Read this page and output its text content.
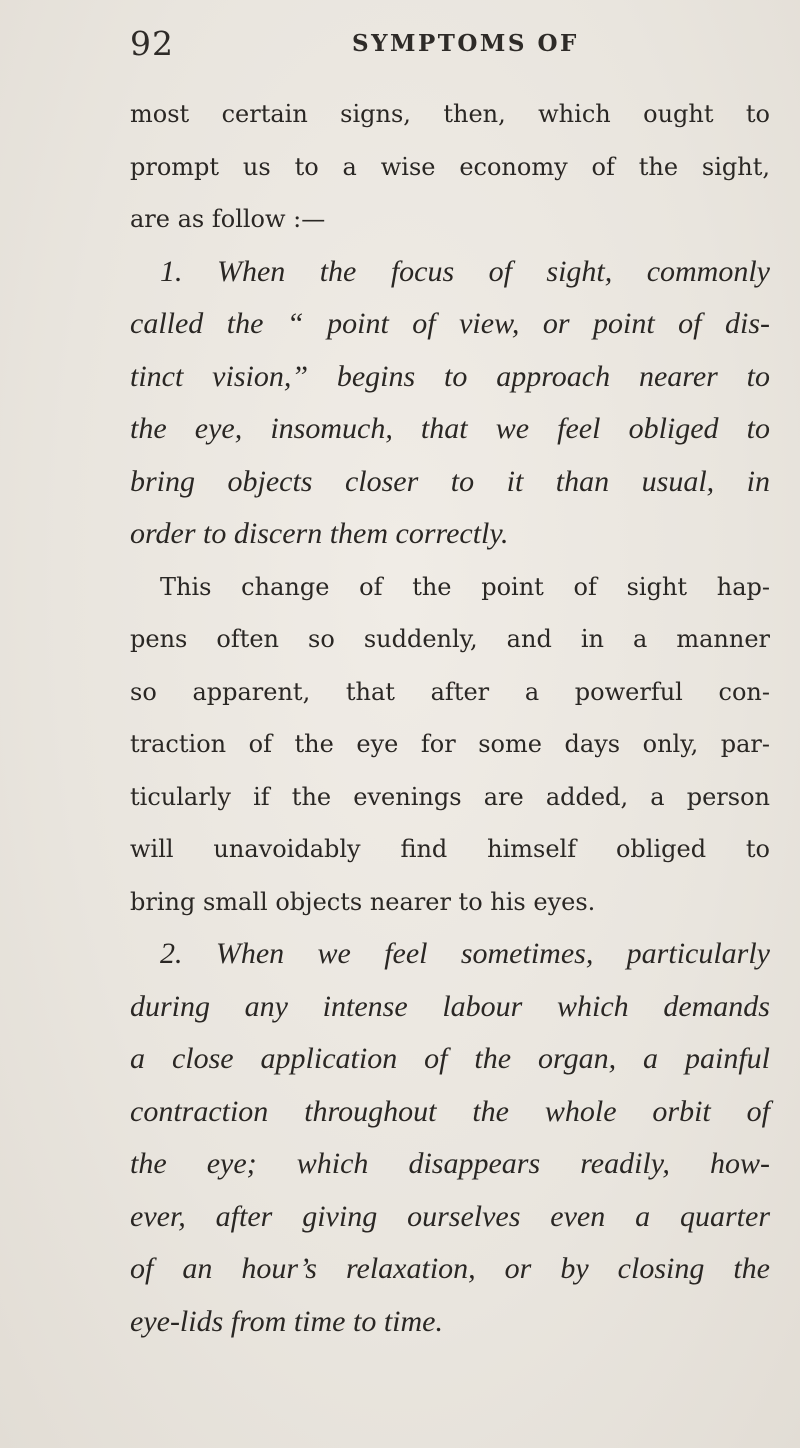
92	SYMPTOMS OF
most certain signs, then, which ought to
prompt us to a wise economy of the sight,
are as follow :—
1. When the focus of sight, commonly
called the “ point of view, or point of dis-
tinct vision,” begins to approach nearer to
the eye, insomuch, that we feel obliged to
bring objects closer to it than usual, in
order to discern them correctly.
This change of the point of sight hap-
pens often so suddenly, and in a manner
so apparent, that after a powerful con-
traction of the eye for some days only, par-
ticularly if the evenings are added, a person
will unavoidably find himself obliged to
bring small objects nearer to his eyes.
2. When we feel sometimes, particularly
during any intense labour which demands
a close application of the organ, a painful
contraction throughout the whole orbit of
the eye; which disappears readily, how-
ever, after giving ourselves even a quarter
of an hour’s relaxation, or by closing the
eye-lids from time to time.
